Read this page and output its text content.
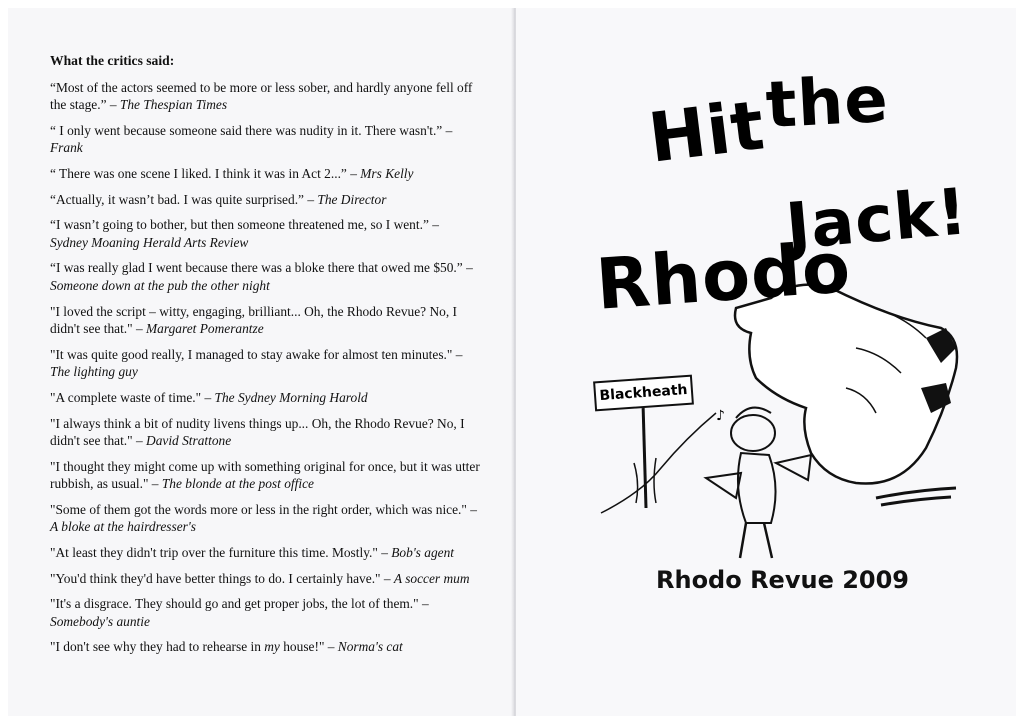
What the critics said:

“Most of the actors seemed to be more or less sober, and hardly anyone fell off the stage.” – The Thespian Times

“ I only went because someone said there was nudity in it. There wasn't.” – Frank

“ There was one scene I liked. I think it was in Act 2...” – Mrs Kelly

“Actually, it wasn’t bad. I was quite surprised.” – The Director

“I wasn’t going to bother, but then someone threatened me, so I went.” – Sydney Moaning Herald Arts Review

“I was really glad I went because there was a bloke there that owed me $50.” – Someone down at the pub the other night

"I loved the script – witty, engaging, brilliant... Oh, the Rhodo Revue? No, I didn't see that." – Margaret Pomerantze

"It was quite good really, I managed to stay awake for almost ten minutes." – The lighting guy

"A complete waste of time." – The Sydney Morning Harold

"I always think a bit of nudity livens things up... Oh, the Rhodo Revue? No, I didn't see that." – David Strattone

"I thought they might come up with something original for once, but it was utter rubbish, as usual." – The blonde at the post office

"Some of them got the words more or less in the right order, which was nice." – A bloke at the hairdresser's

"At least they didn't trip over the furniture this time. Mostly." – Bob's agent

"You'd think they'd have better things to do. I certainly have." – A soccer mum

"It's a disgrace. They should go and get proper jobs, the lot of them." – Somebody's auntie

"I don't see why they had to rehearse in my house!" – Norma's cat

♪
Hit
the
Rhodo
Jack!
Blackheath
Rhodo Revue 2009
